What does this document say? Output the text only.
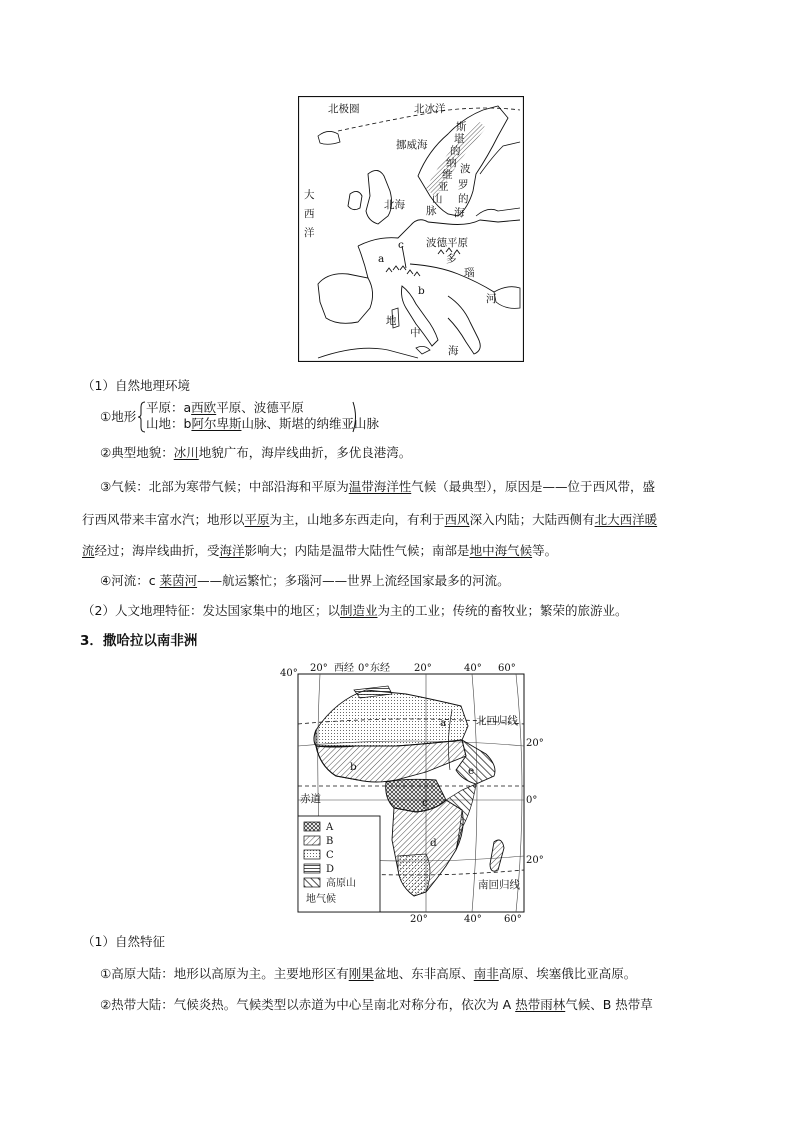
北极圈	北冰洋
挪威海
大
西
洋
北海
波德平原
多
瑙
河
a
b
c
地
中
海
斯
堪
的
纳
维
亚
山
脉
波
罗
的
海
（1）自然地理环境
①地形
平原：a西欧平原、波德平原
山地：b阿尔卑斯山脉、斯堪的纳维亚山脉
②典型地貌：冰川地貌广布，海岸线曲折，多优良港湾。
③气候：北部为寒带气候；中部沿海和平原为温带海洋性气候（最典型），原因是——位于西风带，盛
行西风带来丰富水汽；地形以平原为主，山地多东西走向，有利于西风深入内陆；大陆西侧有北大西洋暖
流经过；海岸线曲折，受海洋影响大；内陆是温带大陆性气候；南部是地中海气候等。
④河流：c 莱茵河——航运繁忙；多瑙河——世界上流经国家最多的河流。
（2）人文地理特征：发达国家集中的地区；以制造业为主的工业；传统的畜牧业；繁荣的旅游业。
3．撒哈拉以南非洲
A
B
C
D
高原山
地气候
40° 20° 西经 0° 东经 20°	40° 60°
20°
0°
20°
20°	40° 60°
北回归线
赤道
南回归线
a
b
c
d
e
（1）自然特征
①高原大陆：地形以高原为主。主要地形区有刚果盆地、东非高原、南非高原、埃塞俄比亚高原。
②热带大陆：气候炎热。气候类型以赤道为中心呈南北对称分布，依次为 A 热带雨林气候、B 热带草
